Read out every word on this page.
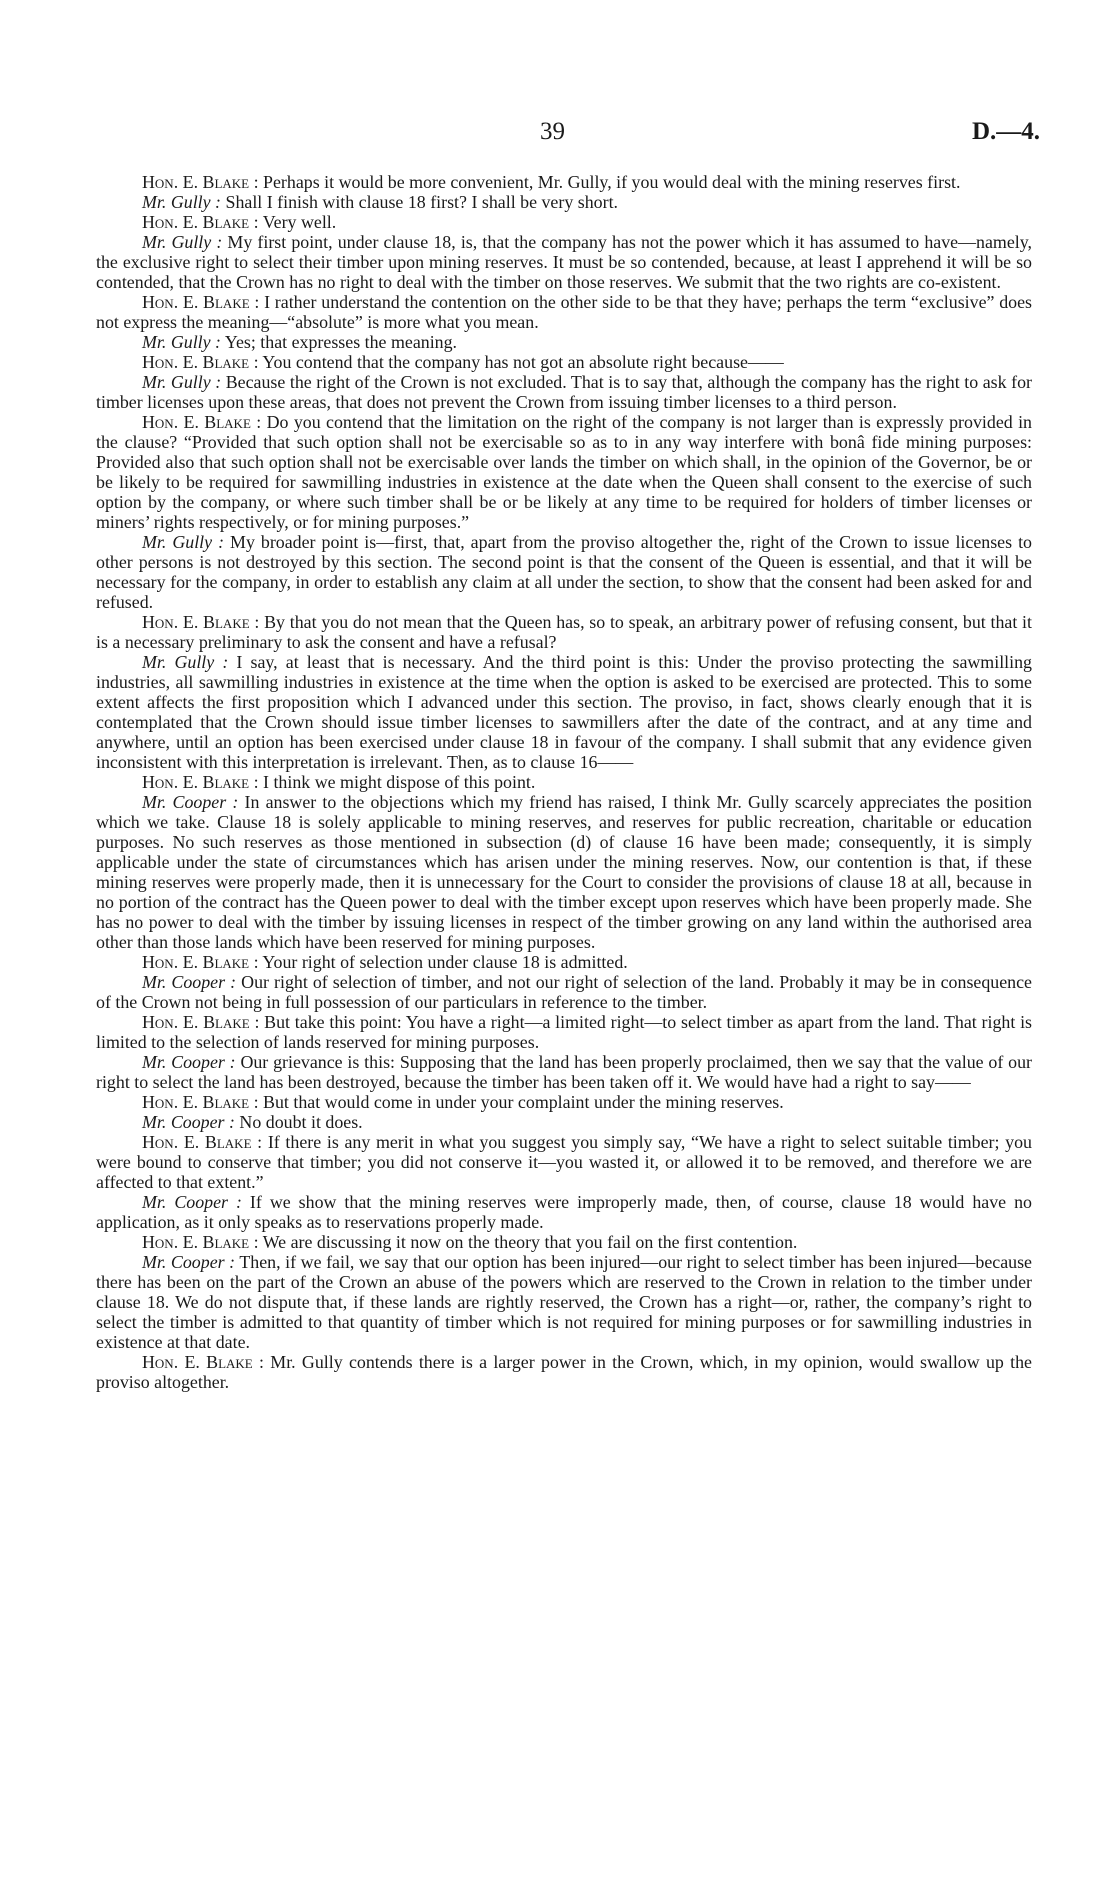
39	D.—4.

Hon. E. Blake : Perhaps it would be more convenient, Mr. Gully, if you would deal with the mining reserves first.

Mr. Gully : Shall I finish with clause 18 first? I shall be very short.

Hon. E. Blake : Very well.

Mr. Gully : My first point, under clause 18, is, that the company has not the power which it has assumed to have—namely, the exclusive right to select their timber upon mining reserves. It must be so contended, because, at least I apprehend it will be so contended, that the Crown has no right to deal with the timber on those reserves. We submit that the two rights are co-existent.

Hon. E. Blake : I rather understand the contention on the other side to be that they have; perhaps the term “exclusive” does not express the meaning—“absolute” is more what you mean.

Mr. Gully : Yes; that expresses the meaning.

Hon. E. Blake : You contend that the company has not got an absolute right because——

Mr. Gully : Because the right of the Crown is not excluded. That is to say that, although the company has the right to ask for timber licenses upon these areas, that does not prevent the Crown from issuing timber licenses to a third person.

Hon. E. Blake : Do you contend that the limitation on the right of the company is not larger than is expressly provided in the clause? “Provided that such option shall not be exercisable so as to in any way interfere with bonâ fide mining purposes: Provided also that such option shall not be exercisable over lands the timber on which shall, in the opinion of the Governor, be or be likely to be required for sawmilling industries in existence at the date when the Queen shall consent to the exercise of such option by the company, or where such timber shall be or be likely at any time to be required for holders of timber licenses or miners’ rights respectively, or for mining purposes.”

Mr. Gully : My broader point is—first, that, apart from the proviso altogether the, right of the Crown to issue licenses to other persons is not destroyed by this section. The second point is that the consent of the Queen is essential, and that it will be necessary for the company, in order to establish any claim at all under the section, to show that the consent had been asked for and refused.

Hon. E. Blake : By that you do not mean that the Queen has, so to speak, an arbitrary power of refusing consent, but that it is a necessary preliminary to ask the consent and have a refusal?

Mr. Gully : I say, at least that is necessary. And the third point is this: Under the proviso protecting the sawmilling industries, all sawmilling industries in existence at the time when the option is asked to be exercised are protected. This to some extent affects the first proposition which I advanced under this section. The proviso, in fact, shows clearly enough that it is contemplated that the Crown should issue timber licenses to sawmillers after the date of the contract, and at any time and anywhere, until an option has been exercised under clause 18 in favour of the company. I shall submit that any evidence given inconsistent with this interpretation is irrelevant. Then, as to clause 16——

Hon. E. Blake : I think we might dispose of this point.

Mr. Cooper : In answer to the objections which my friend has raised, I think Mr. Gully scarcely appreciates the position which we take. Clause 18 is solely applicable to mining reserves, and reserves for public recreation, charitable or education purposes. No such reserves as those mentioned in subsection (d) of clause 16 have been made; consequently, it is simply applicable under the state of circumstances which has arisen under the mining reserves. Now, our contention is that, if these mining reserves were properly made, then it is unnecessary for the Court to consider the provisions of clause 18 at all, because in no portion of the contract has the Queen power to deal with the timber except upon reserves which have been properly made. She has no power to deal with the timber by issuing licenses in respect of the timber growing on any land within the authorised area other than those lands which have been reserved for mining purposes.

Hon. E. Blake : Your right of selection under clause 18 is admitted.

Mr. Cooper : Our right of selection of timber, and not our right of selection of the land. Probably it may be in consequence of the Crown not being in full possession of our particulars in reference to the timber.

Hon. E. Blake : But take this point: You have a right—a limited right—to select timber as apart from the land. That right is limited to the selection of lands reserved for mining purposes.

Mr. Cooper : Our grievance is this: Supposing that the land has been properly proclaimed, then we say that the value of our right to select the land has been destroyed, because the timber has been taken off it. We would have had a right to say——

Hon. E. Blake : But that would come in under your complaint under the mining reserves.

Mr. Cooper : No doubt it does.

Hon. E. Blake : If there is any merit in what you suggest you simply say, “We have a right to select suitable timber; you were bound to conserve that timber; you did not conserve it—you wasted it, or allowed it to be removed, and therefore we are affected to that extent.”

Mr. Cooper : If we show that the mining reserves were improperly made, then, of course, clause 18 would have no application, as it only speaks as to reservations properly made.

Hon. E. Blake : We are discussing it now on the theory that you fail on the first contention.

Mr. Cooper : Then, if we fail, we say that our option has been injured—our right to select timber has been injured—because there has been on the part of the Crown an abuse of the powers which are reserved to the Crown in relation to the timber under clause 18. We do not dispute that, if these lands are rightly reserved, the Crown has a right—or, rather, the company’s right to select the timber is admitted to that quantity of timber which is not required for mining purposes or for sawmilling industries in existence at that date.

Hon. E. Blake : Mr. Gully contends there is a larger power in the Crown, which, in my opinion, would swallow up the proviso altogether.
